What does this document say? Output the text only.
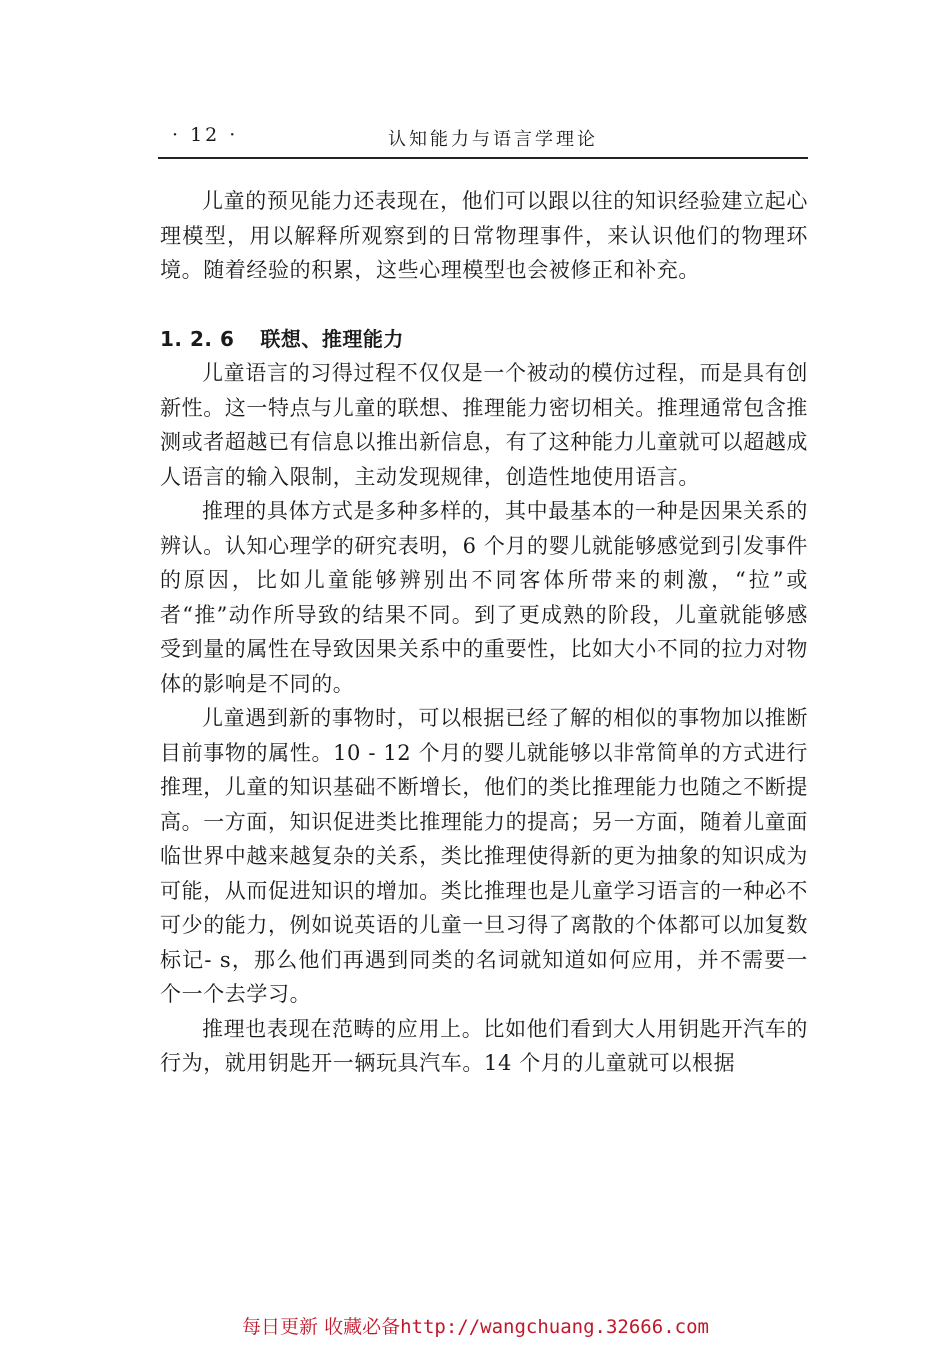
· 12 ·	认知能力与语言学理论

儿童的预见能力还表现在，他们可以跟以往的知识经验建立起心理模型，用以解释所观察到的日常物理事件，来认识他们的物理环境。随着经验的积累，这些心理模型也会被修正和补充。

1. 2. 6 联想、推理能力

儿童语言的习得过程不仅仅是一个被动的模仿过程，而是具有创新性。这一特点与儿童的联想、推理能力密切相关。推理通常包含推测或者超越已有信息以推出新信息，有了这种能力儿童就可以超越成人语言的输入限制，主动发现规律，创造性地使用语言。

推理的具体方式是多种多样的，其中最基本的一种是因果关系的辨认。认知心理学的研究表明，6 个月的婴儿就能够感觉到引发事件的原因，比如儿童能够辨别出不同客体所带来的刺激，“拉”或者“推”动作所导致的结果不同。到了更成熟的阶段，儿童就能够感受到量的属性在导致因果关系中的重要性，比如大小不同的拉力对物体的影响是不同的。

儿童遇到新的事物时，可以根据已经了解的相似的事物加以推断目前事物的属性。10 - 12 个月的婴儿就能够以非常简单的方式进行推理，儿童的知识基础不断增长，他们的类比推理能力也随之不断提高。一方面，知识促进类比推理能力的提高；另一方面，随着儿童面临世界中越来越复杂的关系，类比推理使得新的更为抽象的知识成为可能，从而促进知识的增加。类比推理也是儿童学习语言的一种必不可少的能力，例如说英语的儿童一旦习得了离散的个体都可以加复数标记- s，那么他们再遇到同类的名词就知道如何应用，并不需要一个一个去学习。

推理也表现在范畴的应用上。比如他们看到大人用钥匙开汽车的行为，就用钥匙开一辆玩具汽车。14 个月的儿童就可以根据

每日更新 收藏必备http://wangchuang.32666.com
